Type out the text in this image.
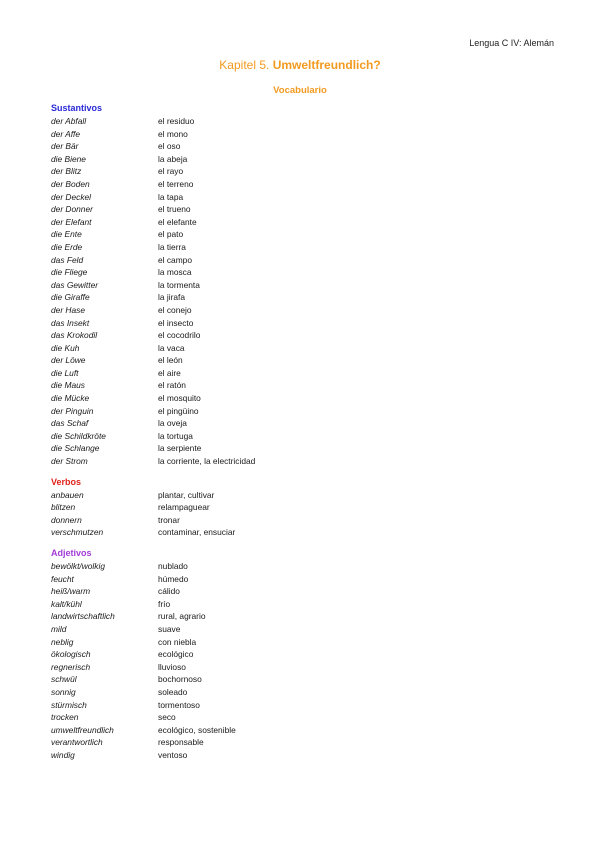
Lengua C IV: Alemán
Kapitel 5. Umweltfreundlich?
Vocabulario
Sustantivos
der Abfall	el residuo
der Affe	el mono
der Bär	el oso
die Biene	la abeja
der Blitz	el rayo
der Boden	el terreno
der Deckel	la tapa
der Donner	el trueno
der Elefant	el elefante
die Ente	el pato
die Erde	la tierra
das Feld	el campo
die Fliege	la mosca
das Gewitter	la tormenta
die Giraffe	la jirafa
der Hase	el conejo
das Insekt	el insecto
das Krokodil	el cocodrilo
die Kuh	la vaca
der Löwe	el león
die Luft	el aire
die Maus	el ratón
die Mücke	el mosquito
der Pinguin	el pingüino
das Schaf	la oveja
die Schildkröte	la tortuga
die Schlange	la serpiente
der Strom	la corriente, la electricidad
Verbos
anbauen	plantar, cultivar
blitzen	relampaguear
donnern	tronar
verschmutzen	contaminar, ensuciar
Adjetivos
bewölkt/wolkig	nublado
feucht	húmedo
heiß/warm	cálido
kalt/kühl	frío
landwirtschaftlich	rural, agrario
mild	suave
neblig	con niebla
ökologisch	ecológico
regnerisch	lluvioso
schwül	bochornoso
sonnig	soleado
stürmisch	tormentoso
trocken	seco
umweltfreundlich	ecológico, sostenible
verantwortlich	responsable
windig	ventoso
